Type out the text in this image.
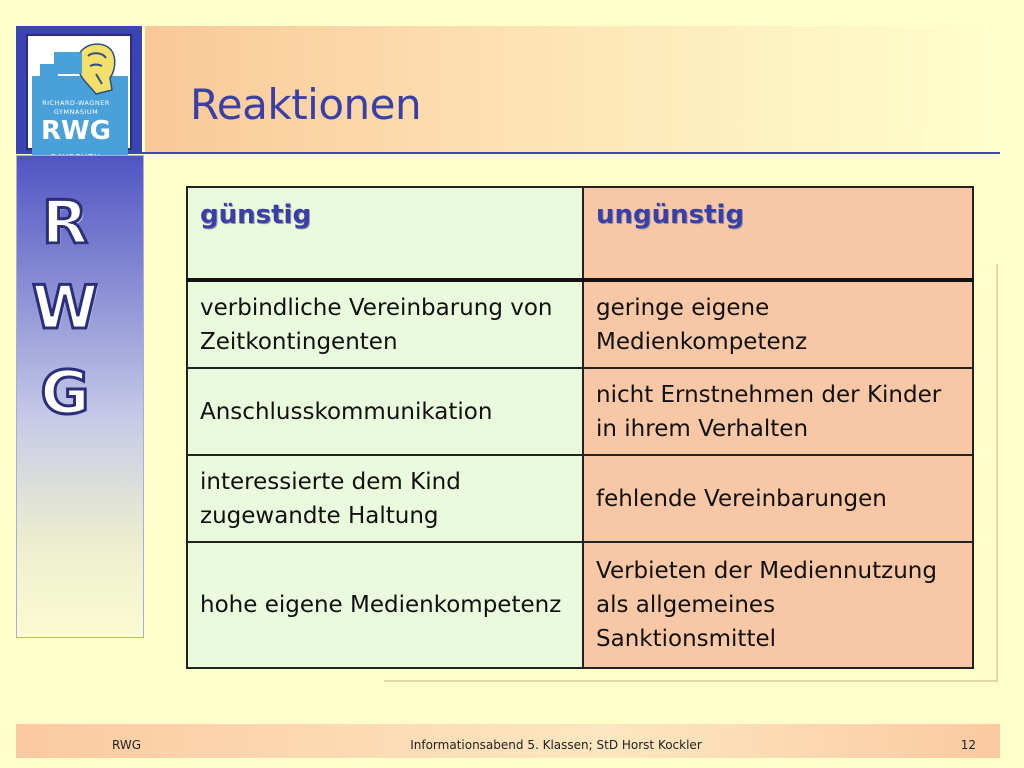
Reaktionen
RICHARD-WAGNER
GYMNASIUM
RWG
R
W
G
günstig	ungünstig
verbindliche Vereinbarung von Zeitkontingenten	geringe eigene Medienkompetenz
Anschlusskommunikation	nicht Ernstnehmen der Kinder in ihrem Verhalten
interessierte dem Kind zugewandte Haltung	fehlende Vereinbarungen
hohe eigene Medienkompetenz	Verbieten der Mediennutzung als allgemeines Sanktionsmittel
RWG	Informationsabend 5. Klassen; StD Horst Kockler	12
